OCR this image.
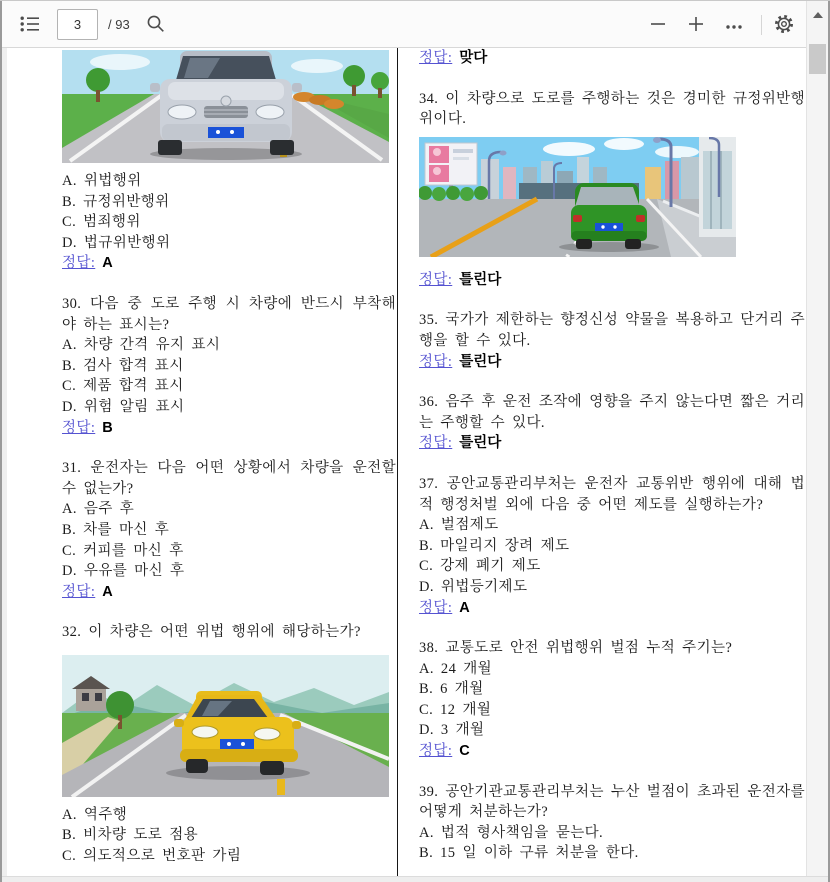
3
/ 93
A. 위법행위
B. 규정위반행위
C. 범죄행위
D. 법규위반행위
정답: A

30. 다음 중 도로 주행 시 차량에 반드시 부착해야 하는 표시는?

A. 차량 간격 유지 표시
B. 검사 합격 표시
C. 제품 합격 표시
D. 위험 알림 표시
정답: B

31. 운전자는 다음 어떤 상황에서 차량을 운전할 수 없는가?

A. 음주 후
B. 차를 마신 후
C. 커피를 마신 후
D. 우유를 마신 후
정답: A

32. 이 차량은 어떤 위법 행위에 해당하는가?

A. 역주행
B. 비차량 도로 점용
C. 의도적으로 번호판 가림
정답: 맞다

34. 이 차량으로 도로를 주행하는 것은 경미한 규정위반행위이다.

정답: 틀린다

35. 국가가 제한하는 향정신성 약물을 복용하고 단거리 주행을 할 수 있다.

정답: 틀린다

36. 음주 후 운전 조작에 영향을 주지 않는다면 짧은 거리는 주행할 수 있다.

정답: 틀린다

37. 공안교통관리부처는 운전자 교통위반 행위에 대해 법적 행정처벌 외에 다음 중 어떤 제도를 실행하는가?

A. 벌점제도
B. 마일리지 장려 제도
C. 강제 폐기 제도
D. 위법등기제도
정답: A

38. 교통도로 안전 위법행위 벌점 누적 주기는?

A. 24 개월
B. 6 개월
C. 12 개월
D. 3 개월
정답: C

39. 공안기관교통관리부처는 누산 벌점이 초과된 운전자를 어떻게 처분하는가?

A. 법적 형사책임을 묻는다.
B. 15 일 이하 구류 처분을 한다.
